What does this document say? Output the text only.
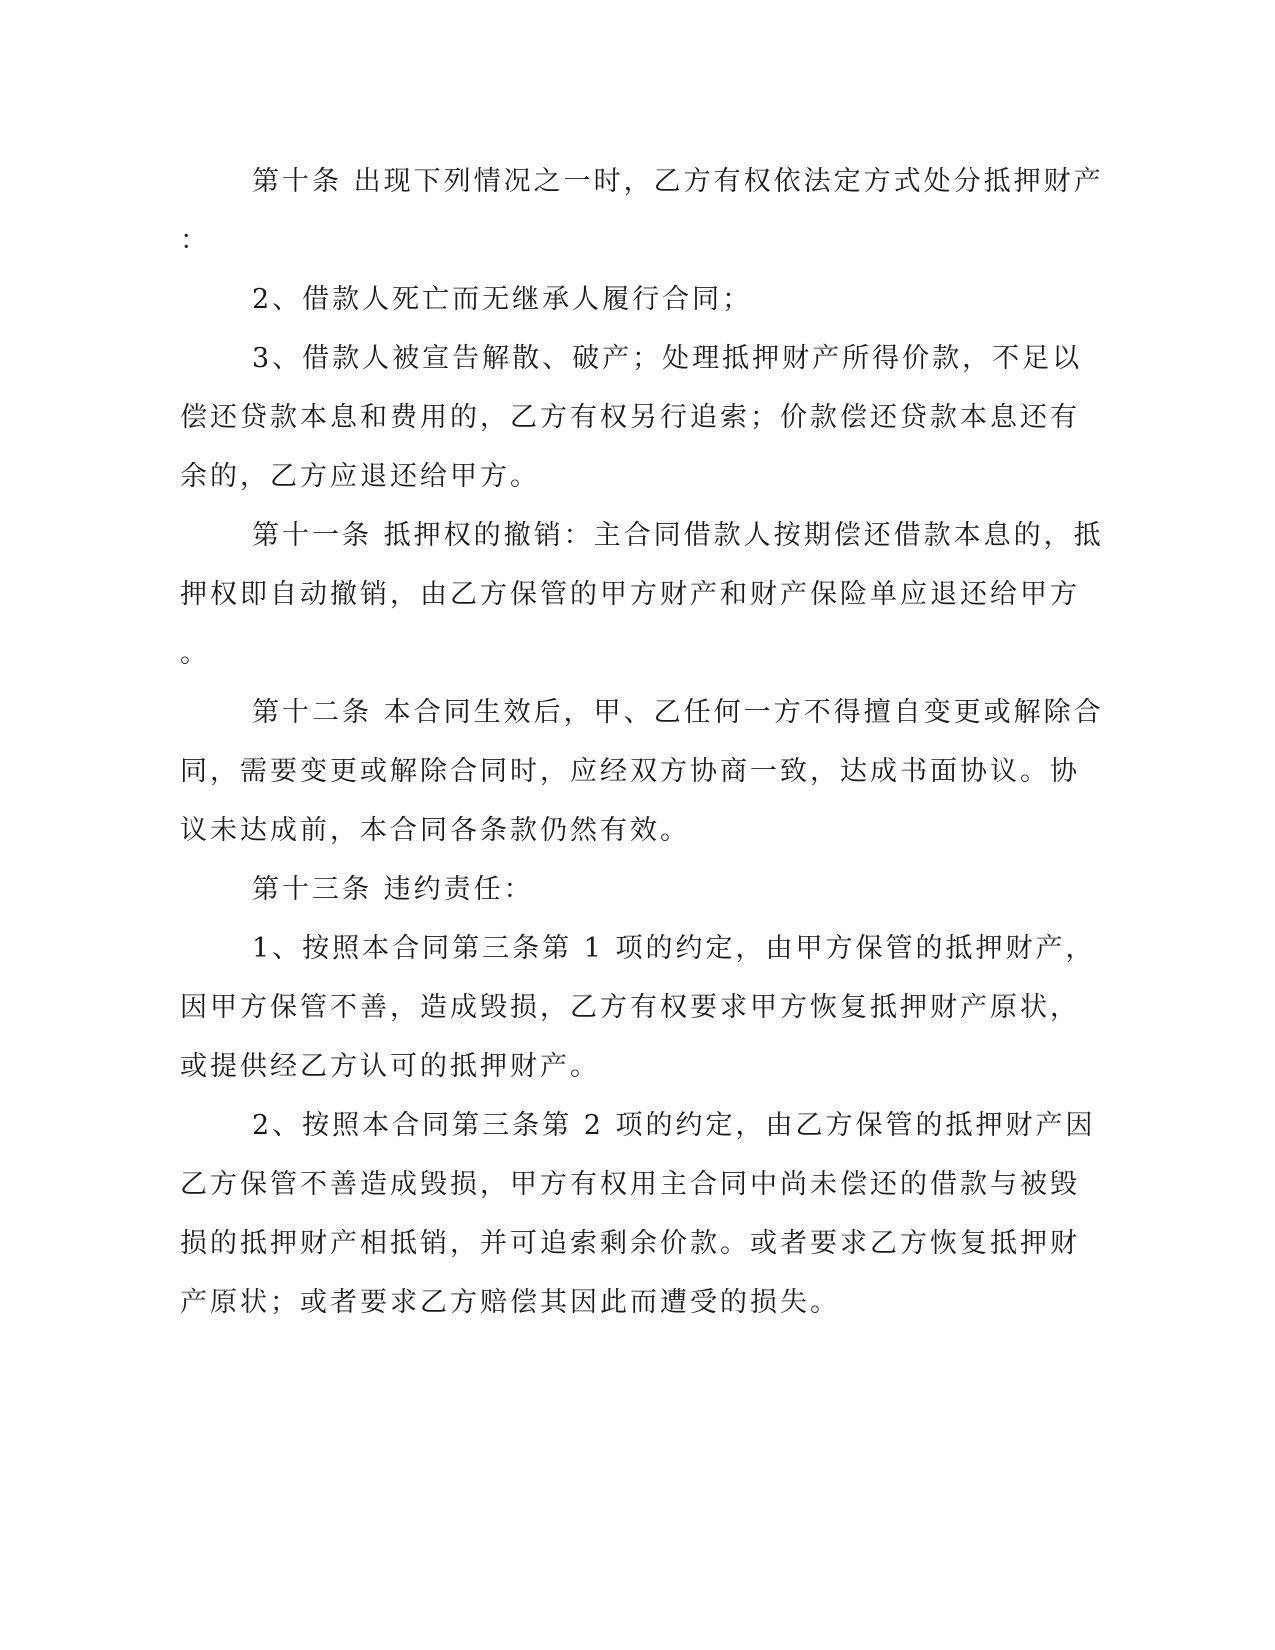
第十条 出现下列情况之一时，乙方有权依法定方式处分抵押财产
：
2、借款人死亡而无继承人履行合同；
3、借款人被宣告解散、破产；处理抵押财产所得价款，不足以
偿还贷款本息和费用的，乙方有权另行追索；价款偿还贷款本息还有
余的，乙方应退还给甲方。
第十一条 抵押权的撤销：主合同借款人按期偿还借款本息的，抵
押权即自动撤销，由乙方保管的甲方财产和财产保险单应退还给甲方
。
第十二条 本合同生效后，甲、乙任何一方不得擅自变更或解除合
同，需要变更或解除合同时，应经双方协商一致，达成书面协议。协
议未达成前，本合同各条款仍然有效。
第十三条 违约责任：
1、按照本合同第三条第 1 项的约定，由甲方保管的抵押财产，
因甲方保管不善，造成毁损，乙方有权要求甲方恢复抵押财产原状，
或提供经乙方认可的抵押财产。
2、按照本合同第三条第 2 项的约定，由乙方保管的抵押财产因
乙方保管不善造成毁损，甲方有权用主合同中尚未偿还的借款与被毁
损的抵押财产相抵销，并可追索剩余价款。或者要求乙方恢复抵押财
产原状；或者要求乙方赔偿其因此而遭受的损失。
